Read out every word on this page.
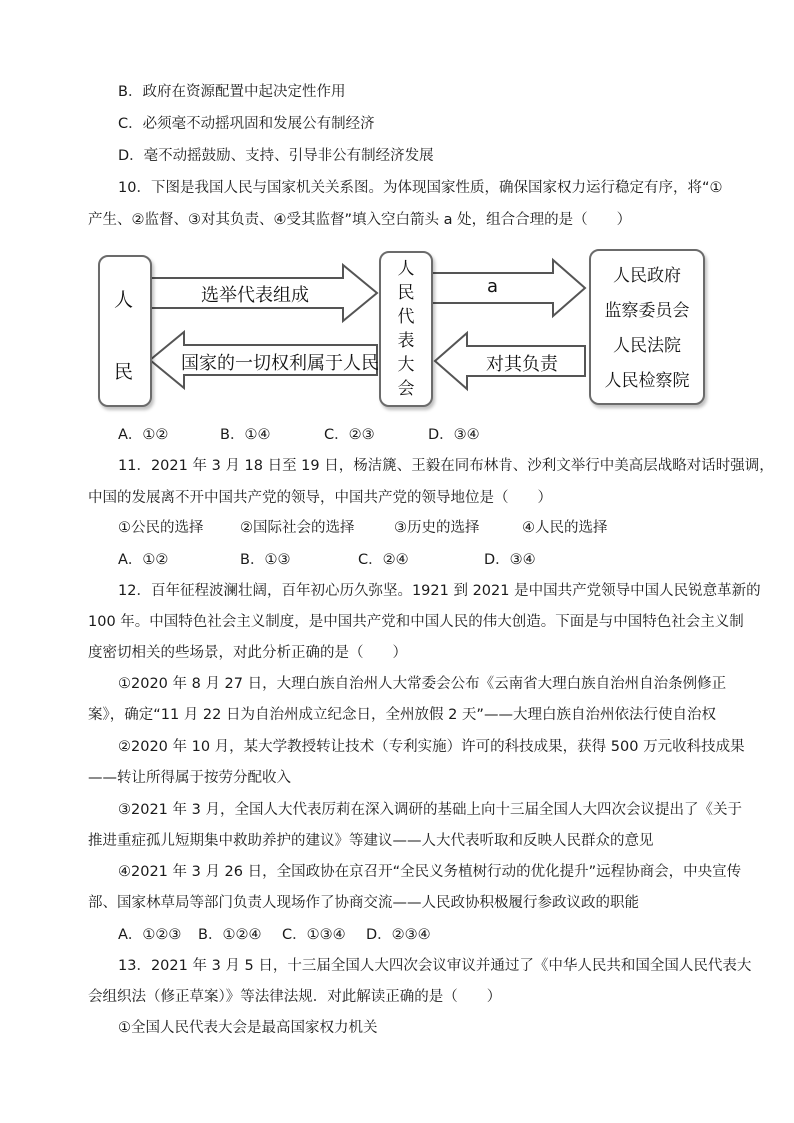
B．政府在资源配置中起决定性作用
C．必须毫不动摇巩固和发展公有制经济
D．毫不动摇鼓励、支持、引导非公有制经济发展
10．下图是我国人民与国家机关关系图。为体现国家性质，确保国家权力运行稳定有序，将“①
产生、②监督、③对其负责、④受其监督”填入空白箭头 a 处，组合合理的是（　　）
人
民
选举代表组成
国家的一切权利属于人民
人
民
代
表
大
会
a
对其负责
人民政府
监察委员会
人民法院
人民检察院
A．①②	B．①④	C．②③	D．③④
11．2021 年 3 月 18 日至 19 日，杨洁篪、王毅在同布林肯、沙利文举行中美高层战略对话时强调，
中国的发展离不开中国共产党的领导，中国共产党的领导地位是（　　）
①公民的选择	②国际社会的选择	③历史的选择	④人民的选择
A．①②	B．①③	C．②④	D．③④
12．百年征程波澜壮阔，百年初心历久弥坚。1921 到 2021 是中国共产党领导中国人民锐意革新的
100 年。中国特色社会主义制度，是中国共产党和中国人民的伟大创造。下面是与中国特色社会主义制
度密切相关的些场景，对此分析正确的是（　　）
①2020 年 8 月 27 日，大理白族自治州人大常委会公布《云南省大理白族自治州自治条例修正
案》，确定“11 月 22 日为自治州成立纪念日，全州放假 2 天”——大理白族自治州依法行使自治权
②2020 年 10 月，某大学教授转让技术（专利实施）许可的科技成果，获得 500 万元收科技成果
——转让所得属于按劳分配收入
③2021 年 3 月，全国人大代表厉莉在深入调研的基础上向十三届全国人大四次会议提出了《关于
推进重症孤儿短期集中救助养护的建议》等建议——人大代表听取和反映人民群众的意见
④2021 年 3 月 26 日，全国政协在京召开“全民义务植树行动的优化提升”远程协商会，中央宣传
部、国家林草局等部门负责人现场作了协商交流——人民政协积极履行参政议政的职能
A．①②③ B．①②④ C．①③④ D．②③④
13．2021 年 3 月 5 日，十三届全国人大四次会议审议并通过了《中华人民共和国全国人民代表大
会组织法（修正草案）》等法律法规．对此解读正确的是（　　）
①全国人民代表大会是最高国家权力机关
